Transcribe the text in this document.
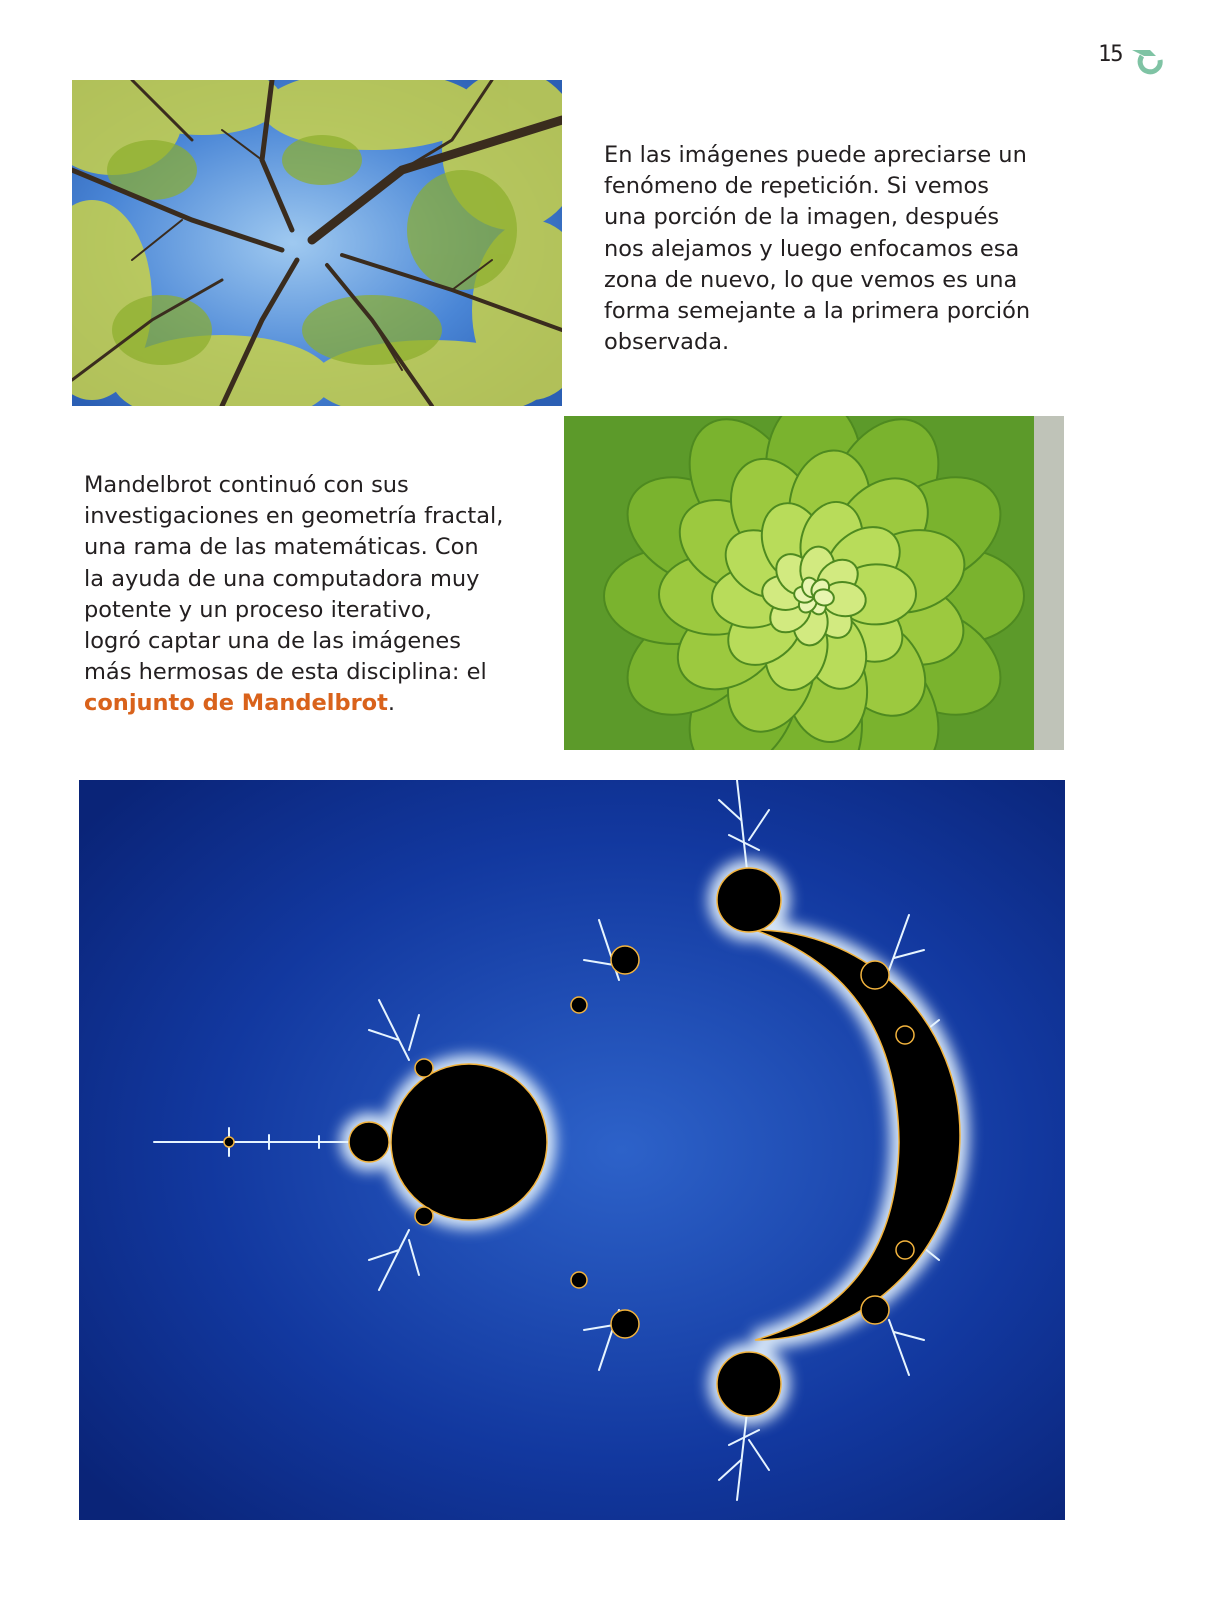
15

En las imágenes puede apreciarse un
fenómeno de repetición. Si vemos
una porción de la imagen, después
nos alejamos y luego enfocamos esa
zona de nuevo, lo que vemos es una
forma semejante a la primera porción
observada.

Mandelbrot continuó con sus
investigaciones en geometría fractal,
una rama de las matemáticas. Con
la ayuda de una computadora muy
potente y un proceso iterativo,
logró captar una de las imágenes
más hermosas de esta disciplina: el
conjunto de Mandelbrot.
